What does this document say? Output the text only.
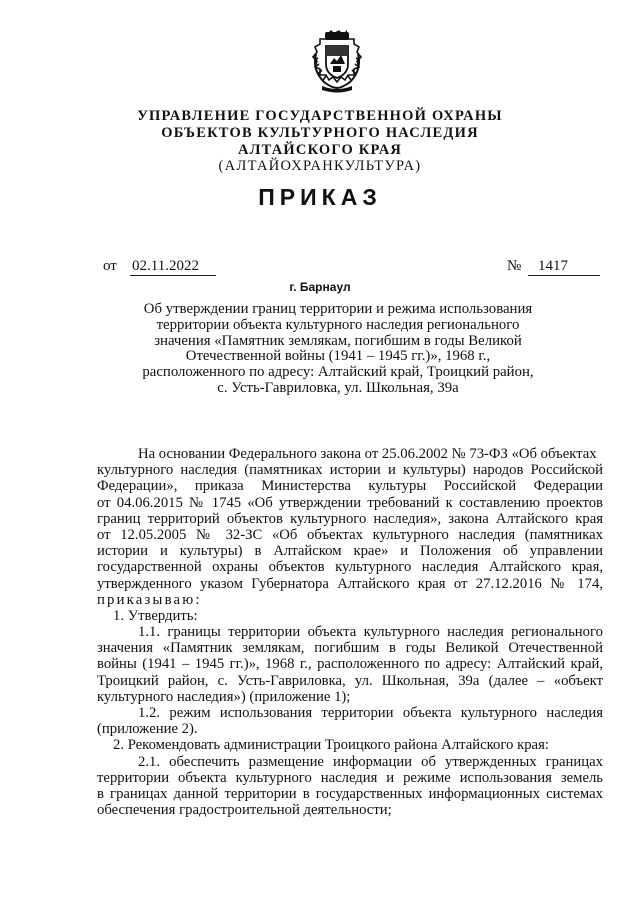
УПРАВЛЕНИЕ ГОСУДАРСТВЕННОЙ ОХРАНЫ
ОБЪЕКТОВ КУЛЬТУРНОГО НАСЛЕДИЯ
АЛТАЙСКОГО КРАЯ
(АЛТАЙОХРАНКУЛЬТУРА)
ПРИКАЗ
от 02.11.2022	№	1417
г. Барнаул
Об утверждении границ территории и режима использования
территории объекта культурного наследия регионального
значения «Памятник землякам, погибшим в годы Великой
Отечественной войны (1941 – 1945 гг.)», 1968 г.,
расположенного по адресу: Алтайский край, Троицкий район,
с. Усть-Гавриловка, ул. Школьная, 39а
На основании Федерального закона от 25.06.2002 № 73-ФЗ «Об объектах
культурного наследия (памятниках истории и культуры) народов Российской
Федерации», приказа Министерства культуры Российской Федерации
от 04.06.2015 № 1745 «Об утверждении требований к составлению проектов
границ территорий объектов культурного наследия», закона Алтайского края
от 12.05.2005 № 32-ЗС «Об объектах культурного наследия (памятниках
истории и культуры) в Алтайском крае» и Положения об управлении
государственной охраны объектов культурного наследия Алтайского края,
утвержденного указом Губернатора Алтайского края от 27.12.2016 № 174,
приказываю:
1. Утвердить:
1.1. границы территории объекта культурного наследия регионального
значения «Памятник землякам, погибшим в годы Великой Отечественной
войны (1941 – 1945 гг.)», 1968 г., расположенного по адресу: Алтайский край,
Троицкий район, с. Усть-Гавриловка, ул. Школьная, 39а (далее – «объект
культурного наследия») (приложение 1);
1.2. режим использования территории объекта культурного наследия
(приложение 2).
2. Рекомендовать администрации Троицкого района Алтайского края:
2.1. обеспечить размещение информации об утвержденных границах
территории объекта культурного наследия и режиме использования земель
в границах данной территории в государственных информационных системах
обеспечения градостроительной деятельности;
